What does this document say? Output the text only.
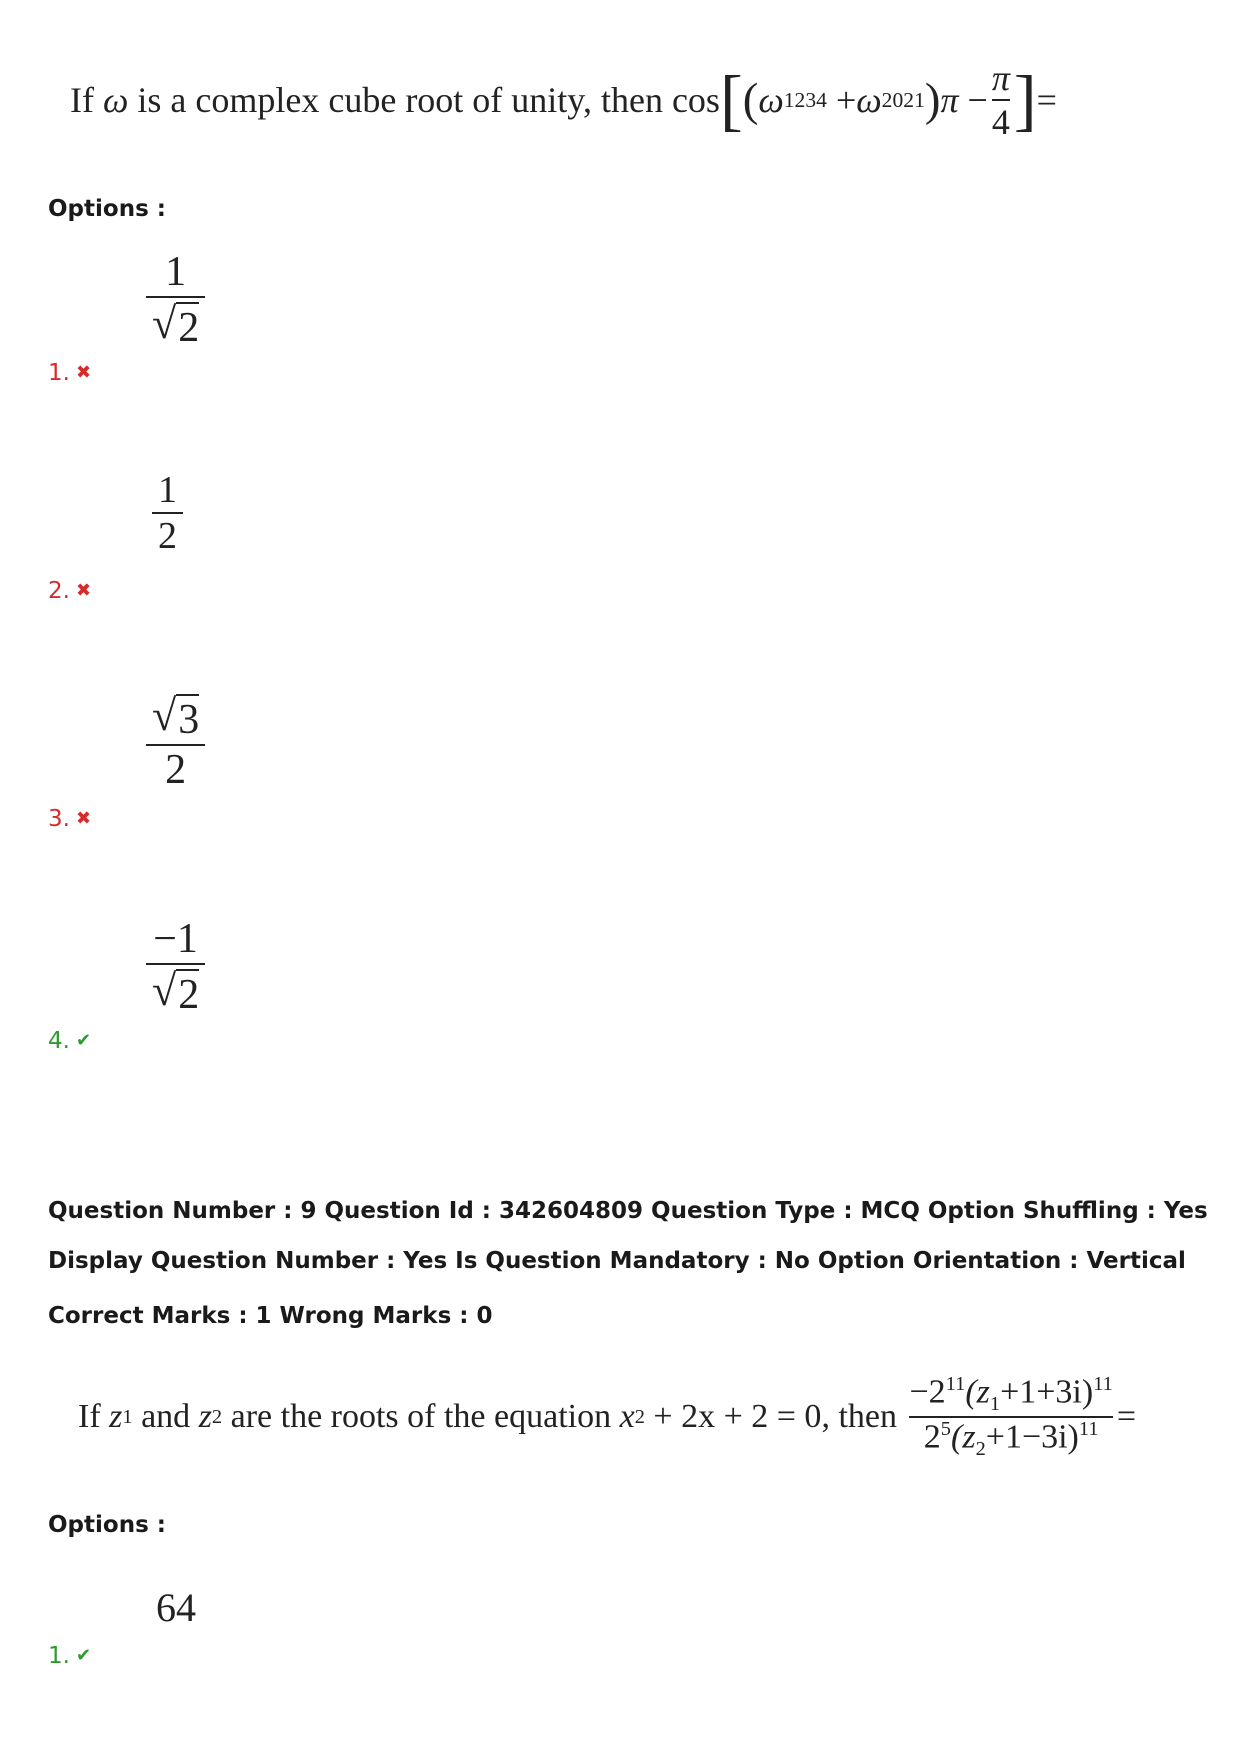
If
ω
is a complex cube root of unity, then
cos [ ( ω 1234
+ ω 2021 ) π
−
π
4 ] =
Options :
1
√ 2
1. ✖
1
2
2. ✖
√ 3
2
3. ✖
−1
√ 2
4. ✔
Question Number : 9 Question Id : 342604809 Question Type : MCQ Option Shuffling : Yes
Display Question Number : Yes Is Question Mandatory : No Option Orientation : Vertical
Correct Marks : 1 Wrong Marks : 0
If
z 1
and
z 2
are the roots of the equation
x 2
+ 2x + 2 = 0 , then

$-2^{11}(z_1+1+3i)^{11}$
$2^5(z_2+1-3i)^{11}$ =
Options :
64
1. ✔
